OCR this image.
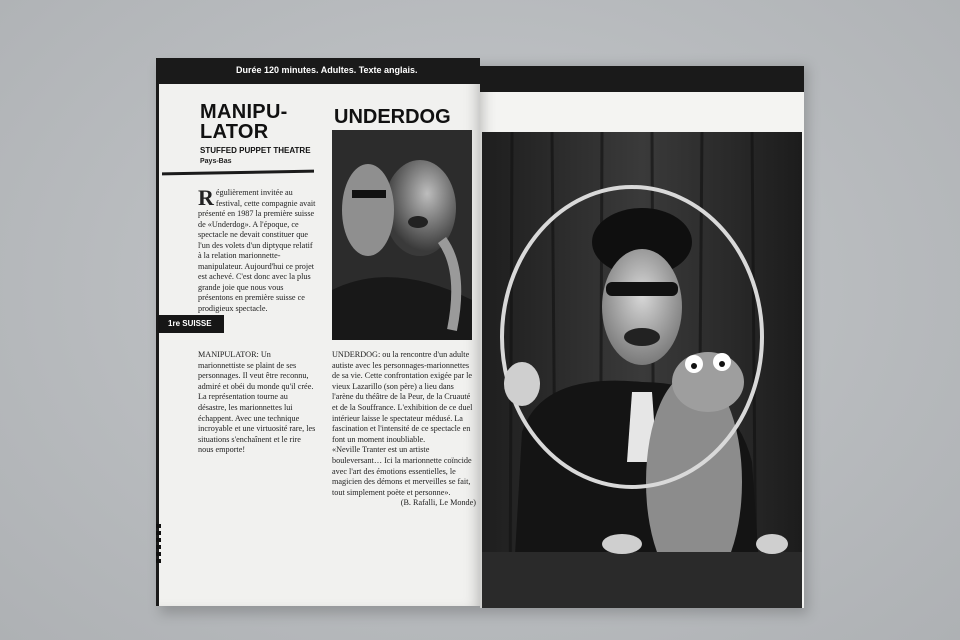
Durée 120 minutes. Adultes. Texte anglais.
MANIPU-
LATOR
STUFFED PUPPET THEATRE
Pays-Bas
R égulièrement invitée au festival, cette compagnie avait présenté en 1987 la première suisse de «Underdog». A l'époque, ce spectacle ne devait constituer que l'un des volets d'un diptyque relatif à la relation marionnette-manipulateur. Aujourd'hui ce projet est achevé. C'est donc avec la plus grande joie que nous vous présentons en première suisse ce prodigieux spectacle.
1re SUISSE
UNDERDOG
MANIPULATOR: Un marionnettiste se plaint de ses personnages. Il veut être reconnu, admiré et obéi du monde qu'il crée. La représentation tourne au désastre, les marionnettes lui échappent. Avec une technique incroyable et une virtuosité rare, les situations s'enchaînent et le rire nous emporte!
UNDERDOG: ou la rencontre d'un adulte autiste avec les personnages-marionnettes de sa vie. Cette confrontation exigée par le vieux Lazarillo (son père) a lieu dans l'arène du théâtre de la Peur, de la Cruauté et de la Souffrance. L'exhibition de ce duel intérieur laisse le spectateur médusé. La fascination et l'intensité de ce spectacle en font un moment inoubliable.
«Neville Tranter est un artiste bouleversant… Ici la marionnette coïncide avec l'art des émotions essentielles, le magicien des démons et merveilles se fait, tout simplement poète et personne».
(B. Rafalli, Le Monde)
